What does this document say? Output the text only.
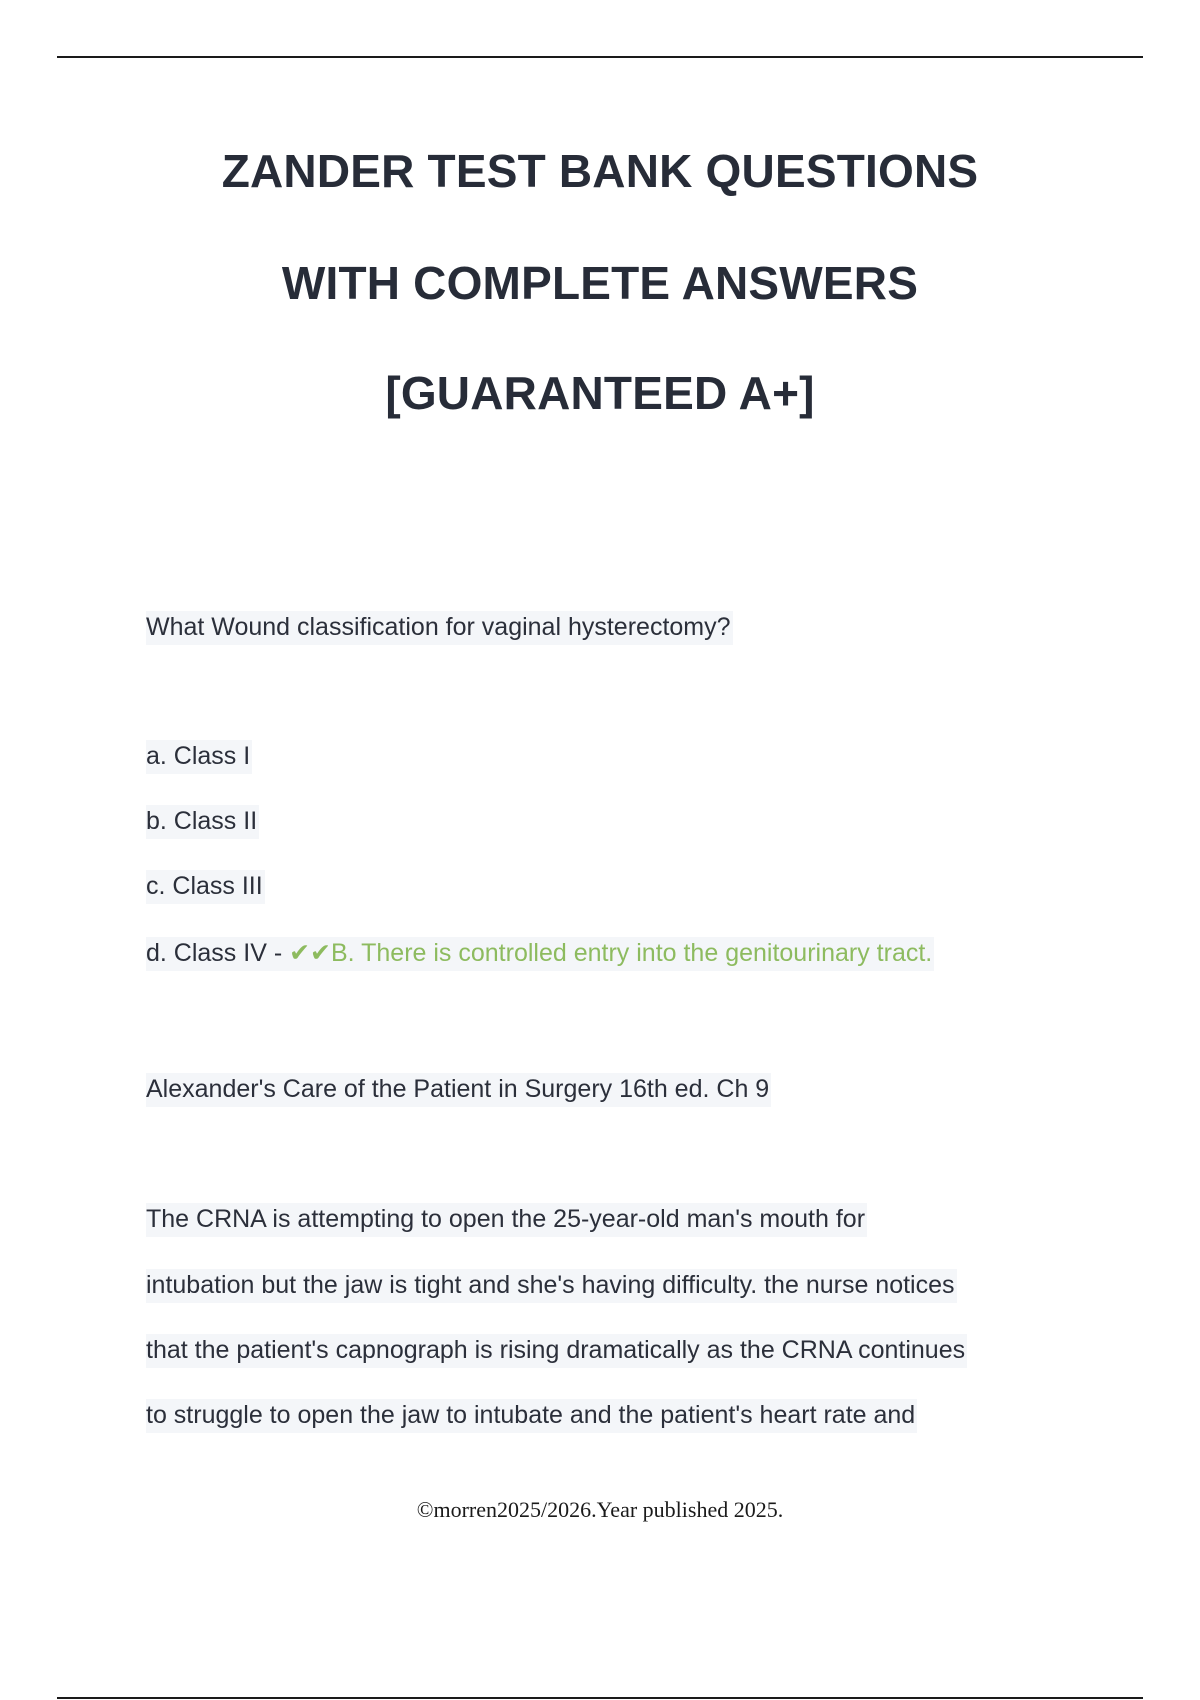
ZANDER TEST BANK QUESTIONS
WITH COMPLETE ANSWERS
[GUARANTEED A+]
What Wound classification for vaginal hysterectomy?
a. Class I
b. Class II
c. Class III
d. Class IV - ✔✔B. There is controlled entry into the genitourinary tract.
Alexander's Care of the Patient in Surgery 16th ed. Ch 9
The CRNA is attempting to open the 25-year-old man's mouth for
intubation but the jaw is tight and she's having difficulty. the nurse notices
that the patient's capnograph is rising dramatically as the CRNA continues
to struggle to open the jaw to intubate and the patient's heart rate and
©morren2025/2026.Year published 2025.
